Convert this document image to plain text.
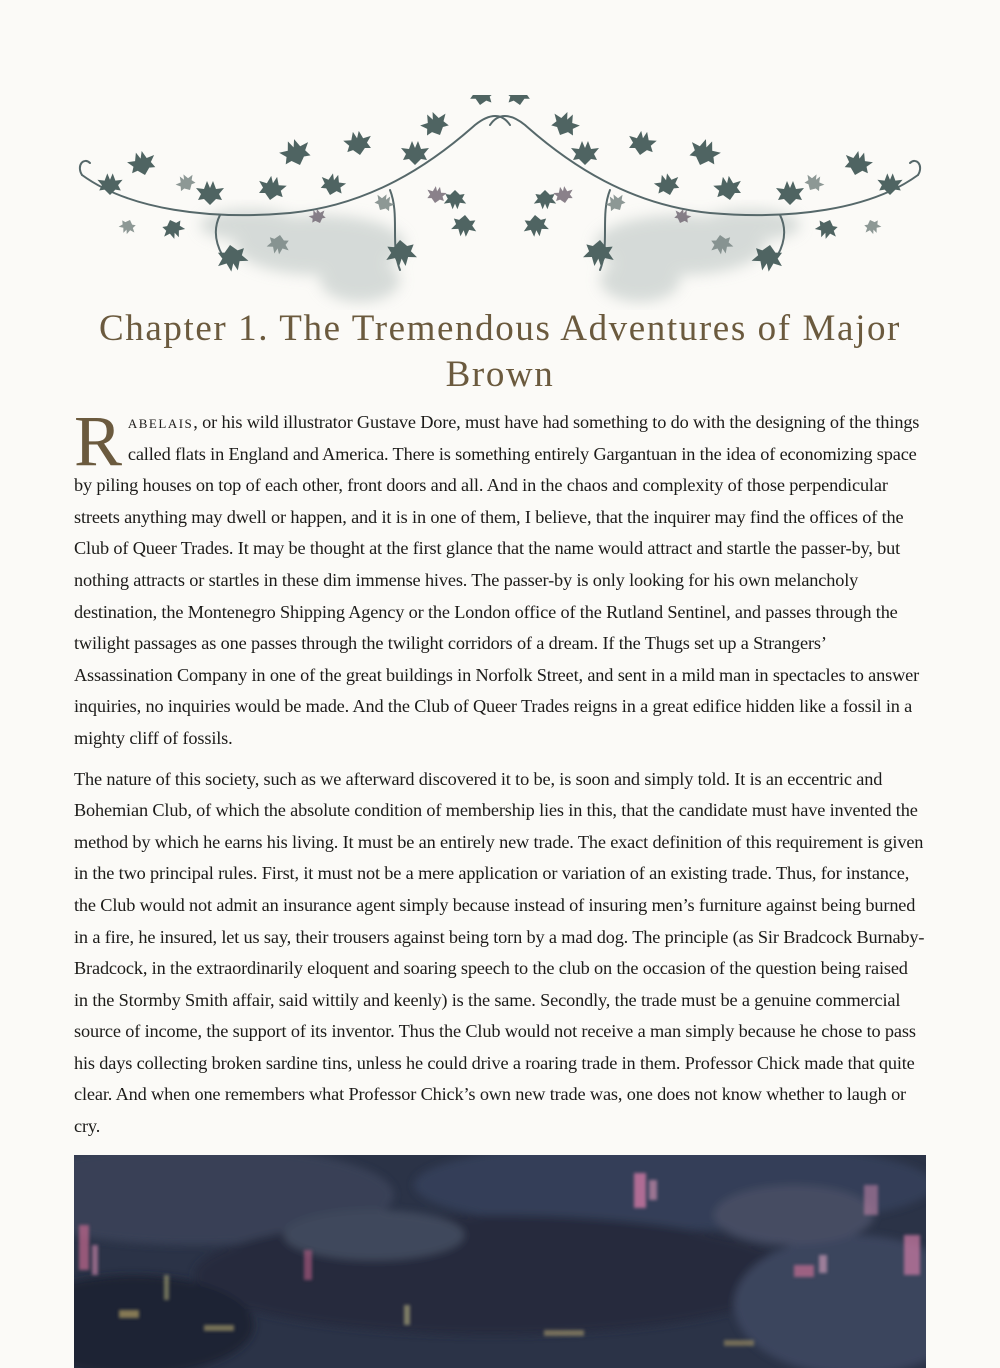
Chapter 1. The Tremendous Adventures of Major Brown

Rabelais, or his wild illustrator Gustave Dore, must have had something to do with the designing of the things called flats in England and America. There is something entirely Gargantuan in the idea of economizing space by piling houses on top of each other, front doors and all. And in the chaos and complexity of those perpendicular streets anything may dwell or happen, and it is in one of them, I believe, that the inquirer may find the offices of the Club of Queer Trades. It may be thought at the first glance that the name would attract and startle the passer-by, but nothing attracts or startles in these dim immense hives. The passer-by is only looking for his own melancholy destination, the Montenegro Shipping Agency or the London office of the Rutland Sentinel, and passes through the twilight passages as one passes through the twilight corridors of a dream. If the Thugs set up a Strangers’ Assassination Company in one of the great buildings in Norfolk Street, and sent in a mild man in spectacles to answer inquiries, no inquiries would be made. And the Club of Queer Trades reigns in a great edifice hidden like a fossil in a mighty cliff of fossils.

The nature of this society, such as we afterward discovered it to be, is soon and simply told. It is an eccentric and Bohemian Club, of which the absolute condition of membership lies in this, that the candidate must have invented the method by which he earns his living. It must be an entirely new trade. The exact definition of this requirement is given in the two principal rules. First, it must not be a mere application or variation of an existing trade. Thus, for instance, the Club would not admit an insurance agent simply because instead of insuring men’s furniture against being burned in a fire, he insured, let us say, their trousers against being torn by a mad dog. The principle (as Sir Bradcock Burnaby-Bradcock, in the extraordinarily eloquent and soaring speech to the club on the occasion of the question being raised in the Stormby Smith affair, said wittily and keenly) is the same. Secondly, the trade must be a genuine commercial source of income, the support of its inventor. Thus the Club would not receive a man simply because he chose to pass his days collecting broken sardine tins, unless he could drive a roaring trade in them. Professor Chick made that quite clear. And when one remembers what Professor Chick’s own new trade was, one does not know whether to laugh or cry.
